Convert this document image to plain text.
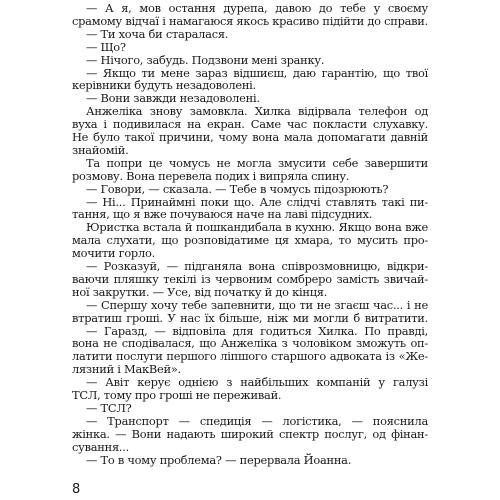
— А я, мов остання дурепа, давою до тебе у своєму
срамому відчаї і намагаюся якось красиво підійти до справи.
— Ти хоча би старалася.
— Що?
— Нічого, забудь. Подзвони мені зранку.
— Якщо ти мене зараз відшиєш, даю гарантію, що твої
керівники будуть незадоволені.
— Вони завжди незадоволені.
Анжеліка знову замовкла. Хилка відірвала телефон од
вуха і подивилася на екран. Саме час покласти слухавку.
Не було такої причини, чому вона мала допомагати давній
знайомій.
Та попри це чомусь не могла змусити себе завершити
розмову. Вона перевела подих і випряла спину.
— Говори, — сказала. — Тебе в чомусь підозрюють?
— Ні... Принаймні поки що. Але слідчі ставлять такі пи-
тання, що я вже почуваюся наче на лаві підсудних.
Юристка встала й пошкандибала в кухню. Якщо вона вже
мала слухати, що розповідатиме ця хмара, то мусить про-
мочити горло.
— Розказуй, — підганяла вона співрозмовницю, відкри-
ваючи пляшку текілі із червоним сомбреро замість звичай-
ної закрутки. — Усе, від початку й до кінця.
— Спершу хочу тебе запевнити, що ти не згаєш час... і не
втратиш гроші. У нас їх більше, ніж ми могли б витратити.
— Гаразд, — відповіла для годиться Хилка. По правді,
вона не сподівалася, що Анжеліка з чоловіком зможуть оп-
латити послуги першого ліпшого старшого адвоката із «Же-
лязний і МакВей».
— Авіт керує однією з найбільших компаній у галузі
ТСЛ, тому про гроші не переживай.
— ТСЛ?
— Транспорт — спедиція — логістика, — пояснила
жінка. — Вони надають широкий спектр послуг, од фінан-
сування...
— То в чому проблема? — перервала Йоанна.
8
